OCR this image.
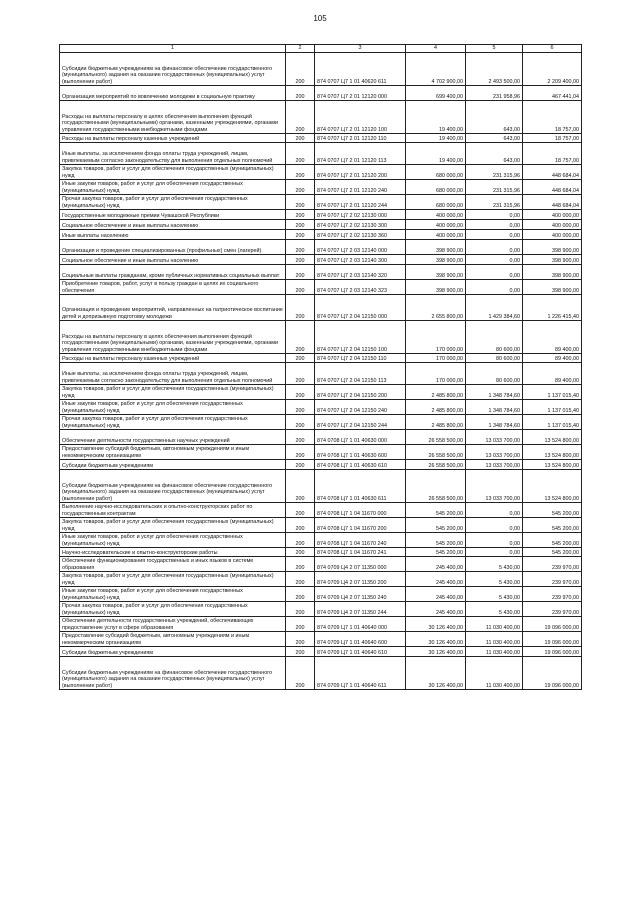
105
1	2	3	4	5	6
Субсидии бюджетным учреждениям на финансовое обеспечение государственного (муниципального) задания на оказание государственных (муниципальных) услуг (выполнение работ)	200	874 0707 Ц7 1 01 40620 611	4 702 900,00	2 493 500,00	2 209 400,00
Организация мероприятий по вовлечению молодежи в социальную практику	200	874 0707 Ц7 2 01 12120 000	699 400,00	231 958,96	467 441,04
Расходы на выплаты персоналу в целях обеспечения выполнения функций государственными (муниципальными) органами, казенными учреждениями, органами управления государственными внебюджетными фондами	200	874 0707 Ц7 2 01 12120 100	19 400,00	643,00	18 757,00
Расходы на выплаты персоналу казенных учреждений	200	874 0707 Ц7 2 01 12120 110	19 400,00	643,00	18 757,00
Иные выплаты, за исключением фонда оплаты труда учреждений, лицам, привлекаемым согласно законодательству для выполнения отдельных полномочий	200	874 0707 Ц7 2 01 12120 113	19 400,00	643,00	18 757,00
Закупка товаров, работ и услуг для обеспечения государственных (муниципальных) нужд	200	874 0707 Ц7 2 01 12120 200	680 000,00	231 315,96	448 684,04
Иные закупки товаров, работ и услуг для обеспечения государственных (муниципальных) нужд	200	874 0707 Ц7 2 01 12120 240	680 000,00	231 315,96	448 684,04
Прочая закупка товаров, работ и услуг для обеспечения государственных (муниципальных) нужд	200	874 0707 Ц7 2 01 12120 244	680 000,00	231 315,96	448 684,04
Государственные молодежные премии Чувашской Республики	200	874 0707 Ц7 2 02 12130 000	400 000,00	0,00	400 000,00
Социальное обеспечение и иные выплаты населению	200	874 0707 Ц7 2 02 12130 300	400 000,00	0,00	400 000,00
Иные выплаты населению	200	874 0707 Ц7 2 02 12130 360	400 000,00	0,00	400 000,00
Организация и проведение специализированных (профильных) смен (лагерей)	200	874 0707 Ц7 2 03 12140 000	398 900,00	0,00	398 900,00
Социальное обеспечение и иные выплаты населению	200	874 0707 Ц7 2 03 12140 300	398 900,00	0,00	398 900,00
Социальные выплаты гражданам, кроме публичных нормативных социальных выплат	200	874 0707 Ц7 2 03 12140 320	398 900,00	0,00	398 900,00
Приобретение товаров, работ, услуг в пользу граждан в целях их социального обеспечения	200	874 0707 Ц7 2 03 12140 323	398 900,00	0,00	398 900,00
Организация и проведение мероприятий, направленных на патриотическое воспитание детей и допризывную подготовку молодежи	200	874 0707 Ц7 2 04 12150 000	2 655 800,00	1 429 384,60	1 226 415,40
Расходы на выплаты персоналу в целях обеспечения выполнения функций государственными (муниципальными) органами, казенными учреждениями, органами управления государственными внебюджетными фондами	200	874 0707 Ц7 2 04 12150 100	170 000,00	80 600,00	89 400,00
Расходы на выплаты персоналу казенных учреждений	200	874 0707 Ц7 2 04 12150 110	170 000,00	80 600,00	89 400,00
Иные выплаты, за исключением фонда оплаты труда учреждений, лицам, привлекаемым согласно законодательству для выполнения отдельных полномочий	200	874 0707 Ц7 2 04 12150 113	170 000,00	80 600,00	89 400,00
Закупка товаров, работ и услуг для обеспечения государственных (муниципальных) нужд	200	874 0707 Ц7 2 04 12150 200	2 485 800,00	1 348 784,60	1 137 015,40
Иные закупки товаров, работ и услуг для обеспечения государственных (муниципальных) нужд	200	874 0707 Ц7 2 04 12150 240	2 485 800,00	1 348 784,60	1 137 015,40
Прочая закупка товаров, работ и услуг для обеспечения государственных (муниципальных) нужд	200	874 0707 Ц7 2 04 12150 244	2 485 800,00	1 348 784,60	1 137 015,40
Обеспечение деятельности государственных научных учреждений	200	874 0708 Ц7 1 01 40630 000	26 558 500,00	13 033 700,00	13 524 800,00
Предоставление субсидий бюджетным, автономным учреждениям и иным некоммерческим организациям	200	874 0708 Ц7 1 01 40630 600	26 558 500,00	13 033 700,00	13 524 800,00
Субсидии бюджетным учреждениям	200	874 0708 Ц7 1 01 40630 610	26 558 500,00	13 033 700,00	13 524 800,00
Субсидии бюджетным учреждениям на финансовое обеспечение государственного (муниципального) задания на оказание государственных (муниципальных) услуг (выполнение работ)	200	874 0708 Ц7 1 01 40630 611	26 558 500,00	13 033 700,00	13 524 800,00
Выполнение научно-исследовательских и опытно-конструкторских работ по государственным контрактам	200	874 0708 Ц7 1 04 11670 000	545 200,00	0,00	545 200,00
Закупка товаров, работ и услуг для обеспечения государственных (муниципальных) нужд	200	874 0708 Ц7 1 04 11670 200	545 200,00	0,00	545 200,00
Иные закупки товаров, работ и услуг для обеспечения государственных (муниципальных) нужд	200	874 0708 Ц7 1 04 11670 240	545 200,00	0,00	545 200,00
Научно-исследовательские и опытно-конструкторские работы	200	874 0708 Ц7 1 04 11670 241	545 200,00	0,00	545 200,00
Обеспечение функционирования государственных и иных языков в системе образования	200	874 0709 Ц4 2 07 11350 000	245 400,00	5 430,00	239 970,00
Закупка товаров, работ и услуг для обеспечения государственных (муниципальных) нужд	200	874 0709 Ц4 2 07 11350 200	245 400,00	5 430,00	239 970,00
Иные закупки товаров, работ и услуг для обеспечения государственных (муниципальных) нужд	200	874 0709 Ц4 2 07 11350 240	245 400,00	5 430,00	239 970,00
Прочая закупка товаров, работ и услуг для обеспечения государственных (муниципальных) нужд	200	874 0709 Ц4 2 07 11350 244	245 400,00	5 430,00	239 970,00
Обеспечение деятельности государственных учреждений, обеспечивающих предоставление услуг в сфере образования	200	874 0709 Ц7 1 01 40640 000	30 126 400,00	11 030 400,00	19 096 000,00
Предоставление субсидий бюджетным, автономным учреждениям и иным некоммерческим организациям	200	874 0709 Ц7 1 01 40640 600	30 126 400,00	11 030 400,00	19 096 000,00
Субсидии бюджетным учреждениям	200	874 0709 Ц7 1 01 40640 610	30 126 400,00	11 030 400,00	19 096 000,00
Субсидии бюджетным учреждениям на финансовое обеспечение государственного (муниципального) задания на оказание государственных (муниципальных) услуг (выполнение работ)	200	874 0709 Ц7 1 01 40640 611	30 126 400,00	11 030 400,00	19 096 000,00
